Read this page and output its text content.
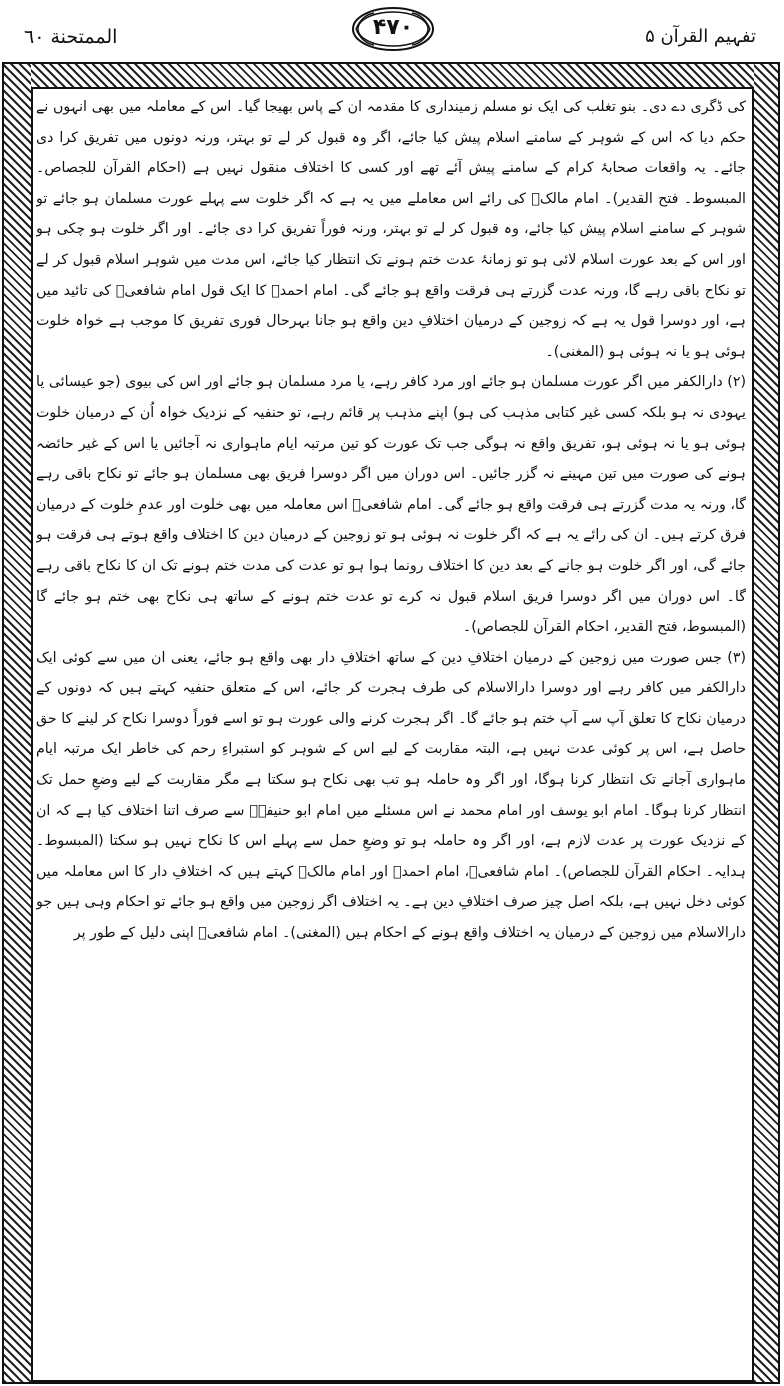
الممتحنة ٦٠	۴۷۰	تفہیم القرآن ۵

کی ڈگری دے دی۔ بنو تغلب کی ایک نو مسلم زمینداری کا مقدمہ ان کے پاس بھیجا گیا۔ اس کے معاملہ میں بھی انہوں نے حکم دیا کہ اس کے شوہر کے سامنے اسلام پیش کیا جائے، اگر وہ قبول کر لے تو بہتر، ورنہ دونوں میں تفریق کرا دی جائے۔ یہ واقعات صحابۂ کرام کے سامنے پیش آئے تھے اور کسی کا اختلاف منقول نہیں ہے (احکام القرآن للجصاص۔ المبسوط۔ فتح القدیر)۔ امام مالکؒ کی رائے اس معاملے میں یہ ہے کہ اگر خلوت سے پہلے عورت مسلمان ہو جائے تو شوہر کے سامنے اسلام پیش کیا جائے، وہ قبول کر لے تو بہتر، ورنہ فوراً تفریق کرا دی جائے۔ اور اگر خلوت ہو چکی ہو اور اس کے بعد عورت اسلام لائی ہو تو زمانۂ عدت ختم ہونے تک انتظار کیا جائے، اس مدت میں شوہر اسلام قبول کر لے تو نکاح باقی رہے گا، ورنہ عدت گزرتے ہی فرقت واقع ہو جائے گی۔ امام احمدؒ کا ایک قول امام شافعیؒ کی تائید میں ہے، اور دوسرا قول یہ ہے کہ زوجین کے درمیان اختلافِ دین واقع ہو جانا بہرحال فوری تفریق کا موجب ہے خواہ خلوت ہوئی ہو یا نہ ہوئی ہو (المغنی)۔

(۲) دارالکفر میں اگر عورت مسلمان ہو جائے اور مرد کافر رہے، یا مرد مسلمان ہو جائے اور اس کی بیوی (جو عیسائی یا یہودی نہ ہو بلکہ کسی غیر کتابی مذہب کی ہو) اپنے مذہب پر قائم رہے، تو حنفیہ کے نزدیک خواہ اُن کے درمیان خلوت ہوئی ہو یا نہ ہوئی ہو، تفریق واقع نہ ہوگی جب تک عورت کو تین مرتبہ ایام ماہواری نہ آجائیں یا اس کے غیر حائضہ ہونے کی صورت میں تین مہینے نہ گزر جائیں۔ اس دوران میں اگر دوسرا فریق بھی مسلمان ہو جائے تو نکاح باقی رہے گا، ورنہ یہ مدت گزرتے ہی فرقت واقع ہو جائے گی۔ امام شافعیؒ اس معاملہ میں بھی خلوت اور عدمِ خلوت کے درمیان فرق کرتے ہیں۔ ان کی رائے یہ ہے کہ اگر خلوت نہ ہوئی ہو تو زوجین کے درمیان دین کا اختلاف واقع ہوتے ہی فرقت ہو جائے گی، اور اگر خلوت ہو جانے کے بعد دین کا اختلاف رونما ہوا ہو تو عدت کی مدت ختم ہونے تک ان کا نکاح باقی رہے گا۔ اس دوران میں اگر دوسرا فریق اسلام قبول نہ کرے تو عدت ختم ہونے کے ساتھ ہی نکاح بھی ختم ہو جائے گا (المبسوط، فتح القدیر، احکام القرآن للجصاص)۔

(۳) جس صورت میں زوجین کے درمیان اختلافِ دین کے ساتھ اختلافِ دار بھی واقع ہو جائے، یعنی ان میں سے کوئی ایک دارالکفر میں کافر رہے اور دوسرا دارالاسلام کی طرف ہجرت کر جائے، اس کے متعلق حنفیہ کہتے ہیں کہ دونوں کے درمیان نکاح کا تعلق آپ سے آپ ختم ہو جائے گا۔ اگر ہجرت کرنے والی عورت ہو تو اسے فوراً دوسرا نکاح کر لینے کا حق حاصل ہے، اس پر کوئی عدت نہیں ہے، البتہ مقاربت کے لیے اس کے شوہر کو استبراءِ رحم کی خاطر ایک مرتبہ ایام ماہواری آجانے تک انتظار کرنا ہوگا، اور اگر وہ حاملہ ہو تب بھی نکاح ہو سکتا ہے مگر مقاربت کے لیے وضعِ حمل تک انتظار کرنا ہوگا۔ امام ابو یوسف اور امام محمد نے اس مسئلے میں امام ابو حنیفہؒ سے صرف اتنا اختلاف کیا ہے کہ ان کے نزدیک عورت پر عدت لازم ہے، اور اگر وہ حاملہ ہو تو وضعِ حمل سے پہلے اس کا نکاح نہیں ہو سکتا (المبسوط۔ ہدایہ۔ احکام القرآن للجصاص)۔ امام شافعیؒ، امام احمدؒ اور امام مالکؒ کہتے ہیں کہ اختلافِ دار کا اس معاملہ میں کوئی دخل نہیں ہے، بلکہ اصل چیز صرف اختلافِ دین ہے۔ یہ اختلاف اگر زوجین میں واقع ہو جائے تو احکام وہی ہیں جو دارالاسلام میں زوجین کے درمیان یہ اختلاف واقع ہونے کے احکام ہیں (المغنی)۔ امام شافعیؒ اپنی دلیل کے طور پر
